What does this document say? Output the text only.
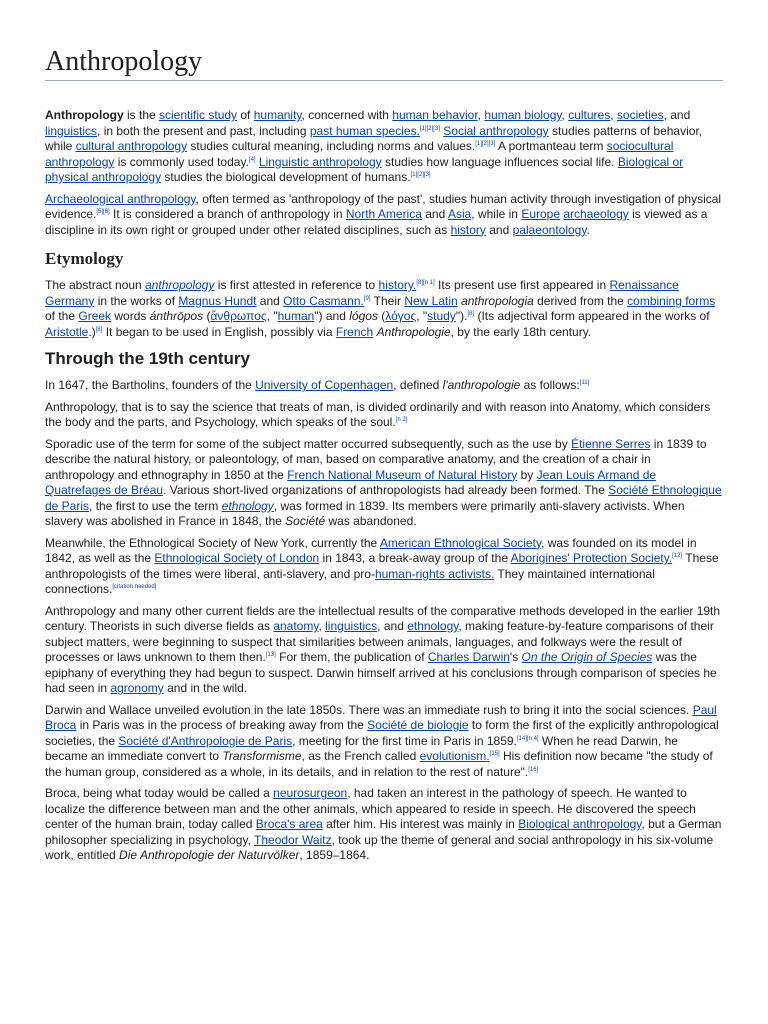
Anthropology

Anthropology is the scientific study of humanity, concerned with human behavior, human biology, cultures, societies, and linguistics, in both the present and past, including past human species.[1][2][3] Social anthropology studies patterns of behavior, while cultural anthropology studies cultural meaning, including norms and values.[1][2][3] A portmanteau term sociocultural anthropology is commonly used today.[4] Linguistic anthropology studies how language influences social life. Biological or physical anthropology studies the biological development of humans.[1][2][3]

Archaeological anthropology, often termed as 'anthropology of the past', studies human activity through investigation of physical evidence.[5][6] It is considered a branch of anthropology in North America and Asia, while in Europe archaeology is viewed as a discipline in its own right or grouped under other related disciplines, such as history and palaeontology.

Etymology

The abstract noun anthropology is first attested in reference to history.[8][n 1] Its present use first appeared in Renaissance Germany in the works of Magnus Hundt and Otto Casmann.[9] Their New Latin anthropologia derived from the combining forms of the Greek words ánthrōpos (ἄνθρωπος, "human") and lógos (λόγος, "study").[8] (Its adjectival form appeared in the works of Aristotle.)[8] It began to be used in English, possibly via French Anthropologie, by the early 18th century.

Through the 19th century

In 1647, the Bartholins, founders of the University of Copenhagen, defined l'anthropologie as follows:[11]

Anthropology, that is to say the science that treats of man, is divided ordinarily and with reason into Anatomy, which considers the body and the parts, and Psychology, which speaks of the soul.[n 2]

Sporadic use of the term for some of the subject matter occurred subsequently, such as the use by Étienne Serres in 1839 to describe the natural history, or paleontology, of man, based on comparative anatomy, and the creation of a chair in anthropology and ethnography in 1850 at the French National Museum of Natural History by Jean Louis Armand de Quatrefages de Bréau. Various short-lived organizations of anthropologists had already been formed. The Société Ethnologique de Paris, the first to use the term ethnology, was formed in 1839. Its members were primarily anti-slavery activists. When slavery was abolished in France in 1848, the Société was abandoned.

Meanwhile, the Ethnological Society of New York, currently the American Ethnological Society, was founded on its model in 1842, as well as the Ethnological Society of London in 1843, a break-away group of the Aborigines' Protection Society.[12] These anthropologists of the times were liberal, anti-slavery, and pro-human-rights activists. They maintained international connections.[citation needed]

Anthropology and many other current fields are the intellectual results of the comparative methods developed in the earlier 19th century. Theorists in such diverse fields as anatomy, linguistics, and ethnology, making feature-by-feature comparisons of their subject matters, were beginning to suspect that similarities between animals, languages, and folkways were the result of processes or laws unknown to them then.[13] For them, the publication of Charles Darwin's On the Origin of Species was the epiphany of everything they had begun to suspect. Darwin himself arrived at his conclusions through comparison of species he had seen in agronomy and in the wild.

Darwin and Wallace unveiled evolution in the late 1850s. There was an immediate rush to bring it into the social sciences. Paul Broca in Paris was in the process of breaking away from the Société de biologie to form the first of the explicitly anthropological societies, the Société d'Anthropologie de Paris, meeting for the first time in Paris in 1859.[14][n 4] When he read Darwin, he became an immediate convert to Transformisme, as the French called evolutionism.[15] His definition now became "the study of the human group, considered as a whole, in its details, and in relation to the rest of nature".[16]

Broca, being what today would be called a neurosurgeon, had taken an interest in the pathology of speech. He wanted to localize the difference between man and the other animals, which appeared to reside in speech. He discovered the speech center of the human brain, today called Broca's area after him. His interest was mainly in Biological anthropology, but a German philosopher specializing in psychology, Theodor Waitz, took up the theme of general and social anthropology in his six-volume work, entitled Die Anthropologie der Naturvölker, 1859–1864.
